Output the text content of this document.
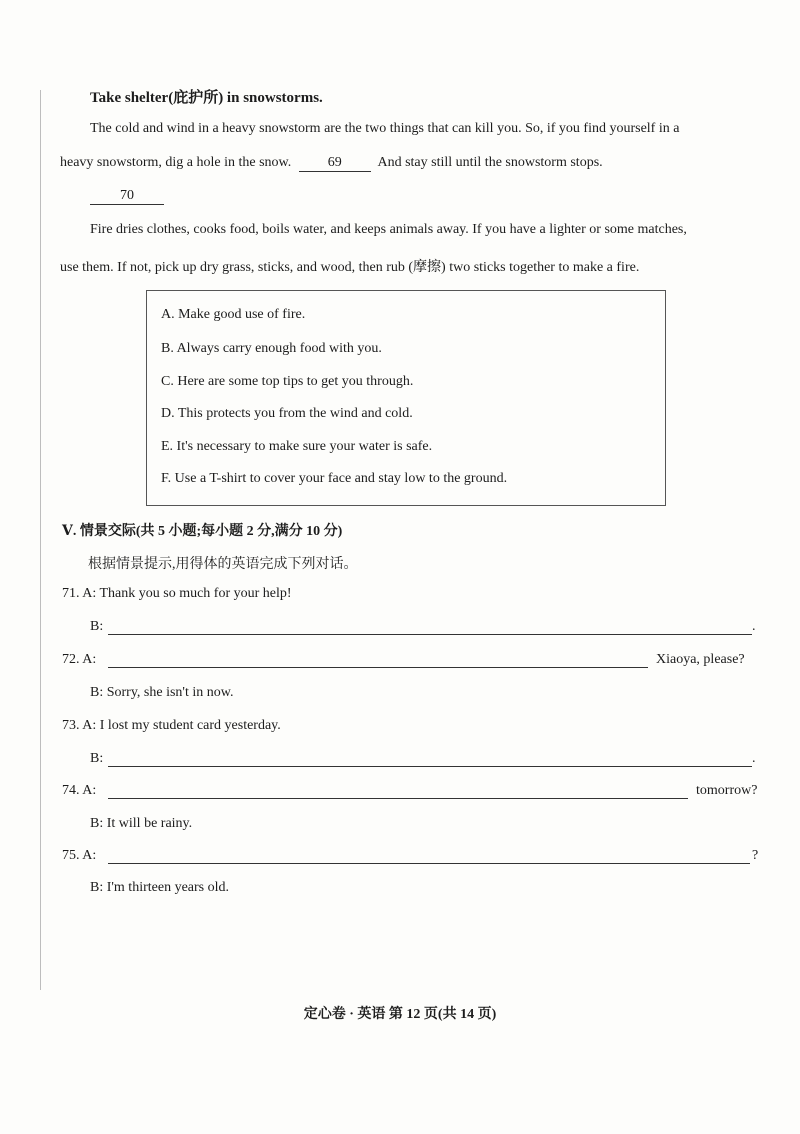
Take shelter(庇护所) in snowstorms.
The cold and wind in a heavy snowstorm are the two things that can kill you. So, if you find yourself in a
heavy snowstorm, dig a hole in the snow.	69	And stay still until the snowstorm stops.
70
Fire dries clothes, cooks food, boils water, and keeps animals away. If you have a lighter or some matches,
use them. If not, pick up dry grass, sticks, and wood, then rub (摩擦) two sticks together to make a fire.
A. Make good use of fire.
B. Always carry enough food with you.
C. Here are some top tips to get you through.
D. This protects you from the wind and cold.
E. It's necessary to make sure your water is safe.
F. Use a T-shirt to cover your face and stay low to the ground.
Ⅴ. 情景交际(共 5 小题;每小题 2 分,满分 10 分)
根据情景提示,用得体的英语完成下列对话。
71. A: Thank you so much for your help!
B:	.
72. A:	Xiaoya, please?
B: Sorry, she isn't in now.
73. A: I lost my student card yesterday.
B:	.
74. A:	tomorrow?
B: It will be rainy.
75. A:	?
B: I'm thirteen years old.
定心卷 · 英语 第 12 页(共 14 页)
